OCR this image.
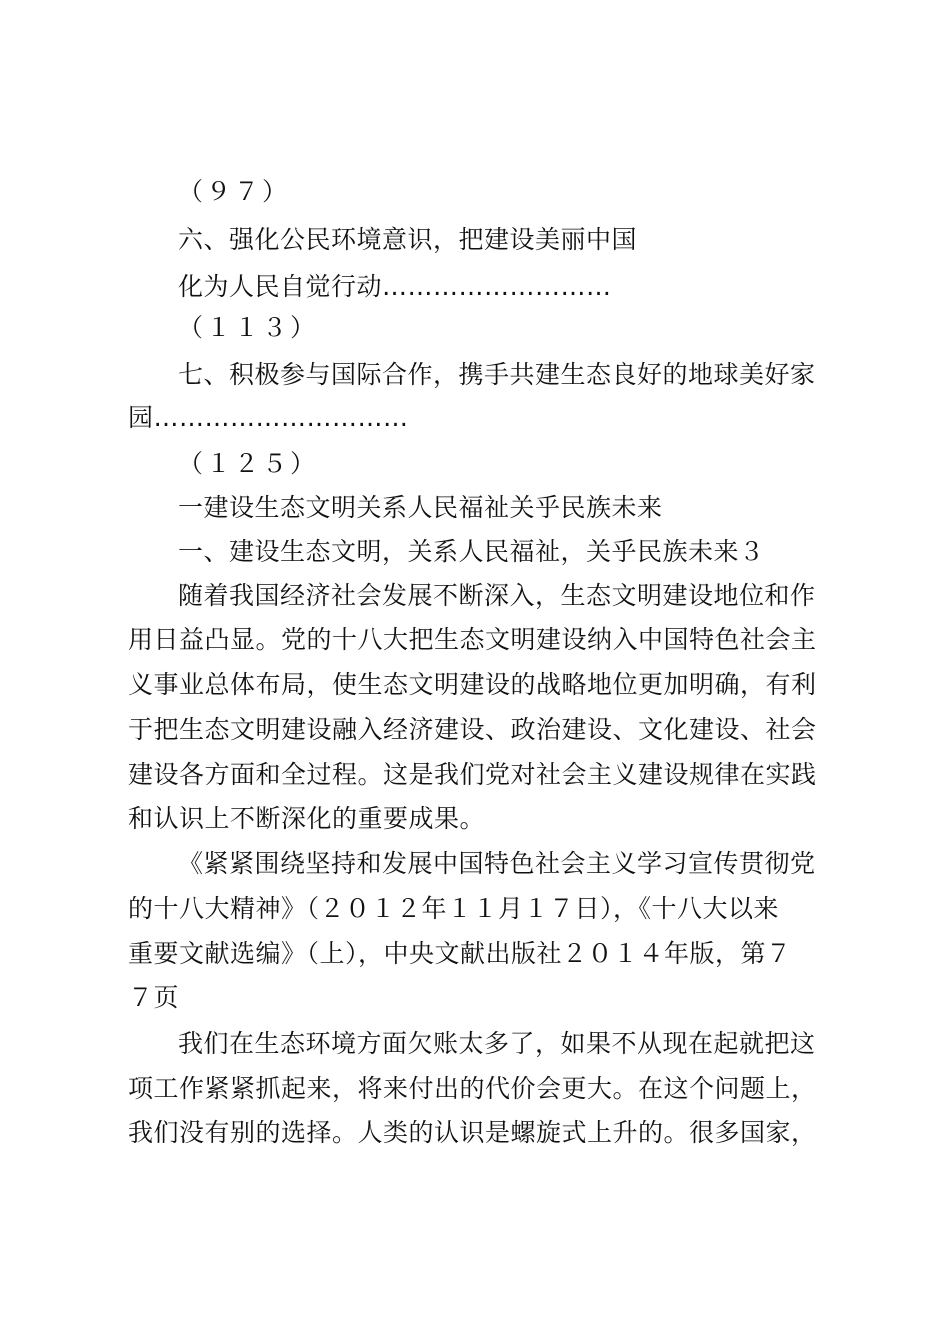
（９７）
六、强化公民环境意识，把建设美丽中国
化为人民自觉行动………………………
（１１３）
七、积极参与国际合作，携手共建生态良好的地球美好家
园…………………………
（１２５）
一建设生态文明关系人民福祉关乎民族未来
一、建设生态文明，关系人民福祉，关乎民族未来３
随着我国经济社会发展不断深入，生态文明建设地位和作
用日益凸显。党的十八大把生态文明建设纳入中国特色社会主
义事业总体布局，使生态文明建设的战略地位更加明确，有利
于把生态文明建设融入经济建设、政治建设、文化建设、社会
建设各方面和全过程。这是我们党对社会主义建设规律在实践
和认识上不断深化的重要成果。
《紧紧围绕坚持和发展中国特色社会主义学习宣传贯彻党
的十八大精神》（２０１２年１１月１７日），《十八大以来
重要文献选编》（上），中央文献出版社２０１４年版，第７
７页
我们在生态环境方面欠账太多了，如果不从现在起就把这
项工作紧紧抓起来，将来付出的代价会更大。在这个问题上，
我们没有别的选择。人类的认识是螺旋式上升的。很多国家，
